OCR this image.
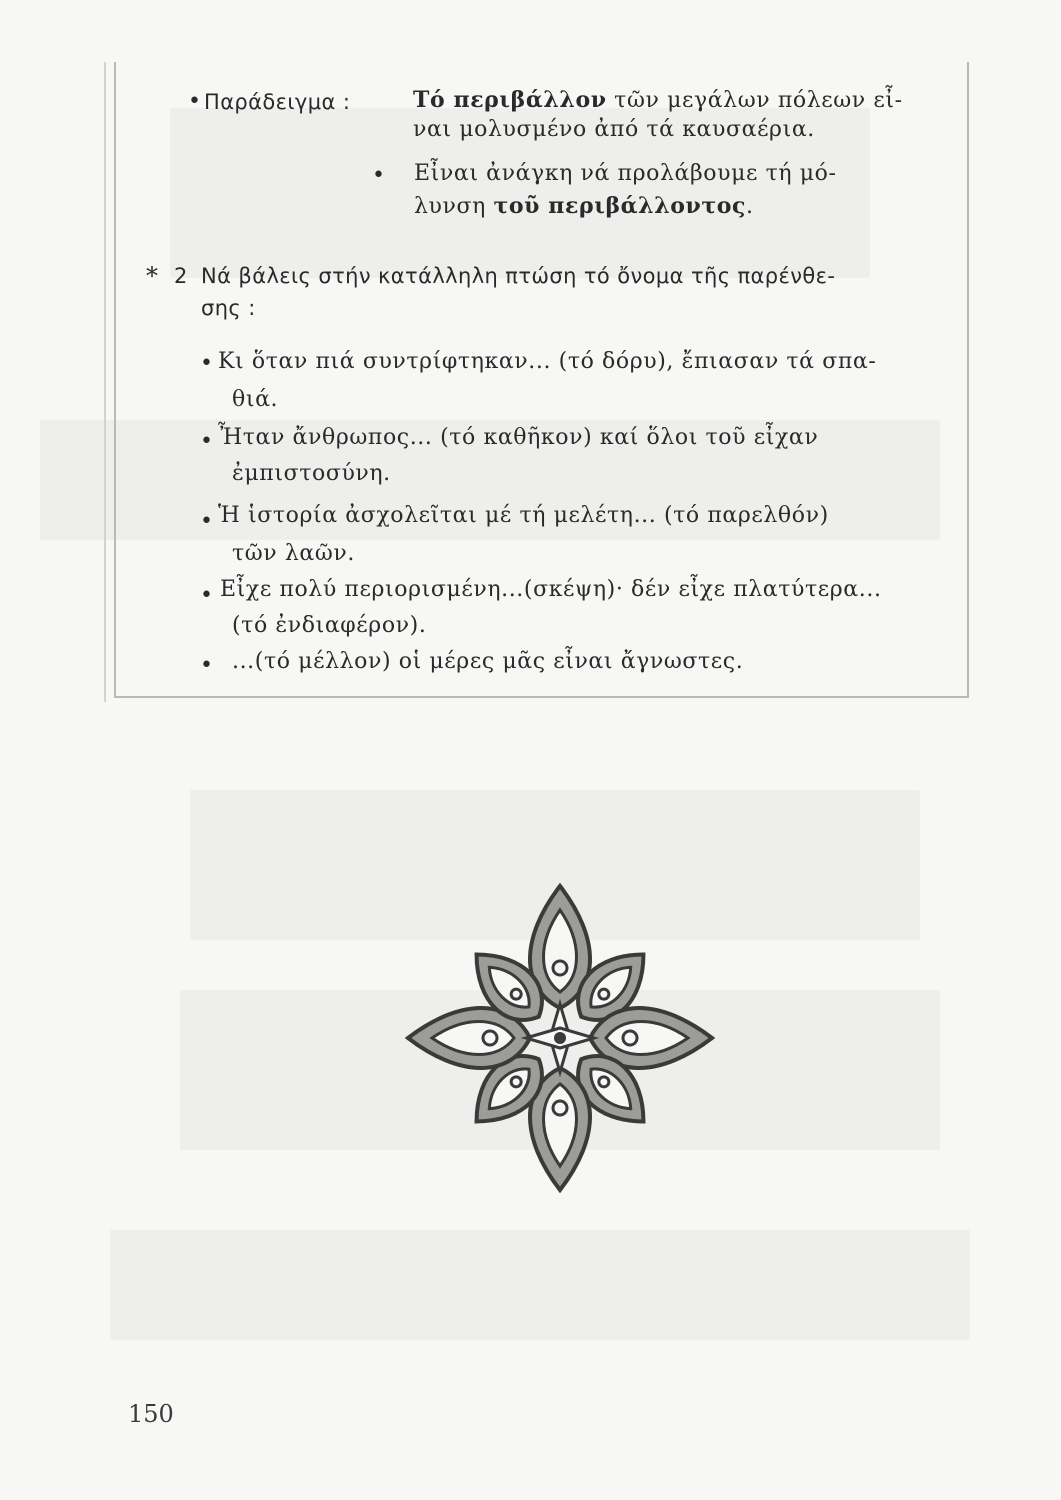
• Παράδειγμα :	Τό περιβάλλον τῶν μεγάλων πόλεων εἶ-
ναι μολυσμένο ἀπό τά καυσαέρια.
• Εἶναι ἀνάγκη νά προλάβουμε τή μό-
λυνση τοῦ περιβάλλοντος.
* 2 Νά βάλεις στήν κατάλληλη πτώση τό ὄνομα τῆς παρένθε-
σης :
• Κι ὅταν πιά συντρίφτηκαν... (τό δόρυ), ἔπιασαν τά σπα-
θιά.
• Ἦταν ἄνθρωπος... (τό καθῆκον) καί ὅλοι τοῦ εἶχαν
ἐμπιστοσύνη.
• Ἡ ἱστορία ἀσχολεῖται μέ τή μελέτη... (τό παρελθόν)
τῶν λαῶν.
• Εἶχε πολύ περιορισμένη...(σκέψη)· δέν εἶχε πλατύτερα...
(τό ἐνδιαφέρον).
• ...(τό μέλλον) οἱ μέρες μᾶς εἶναι ἄγνωστες.
150
